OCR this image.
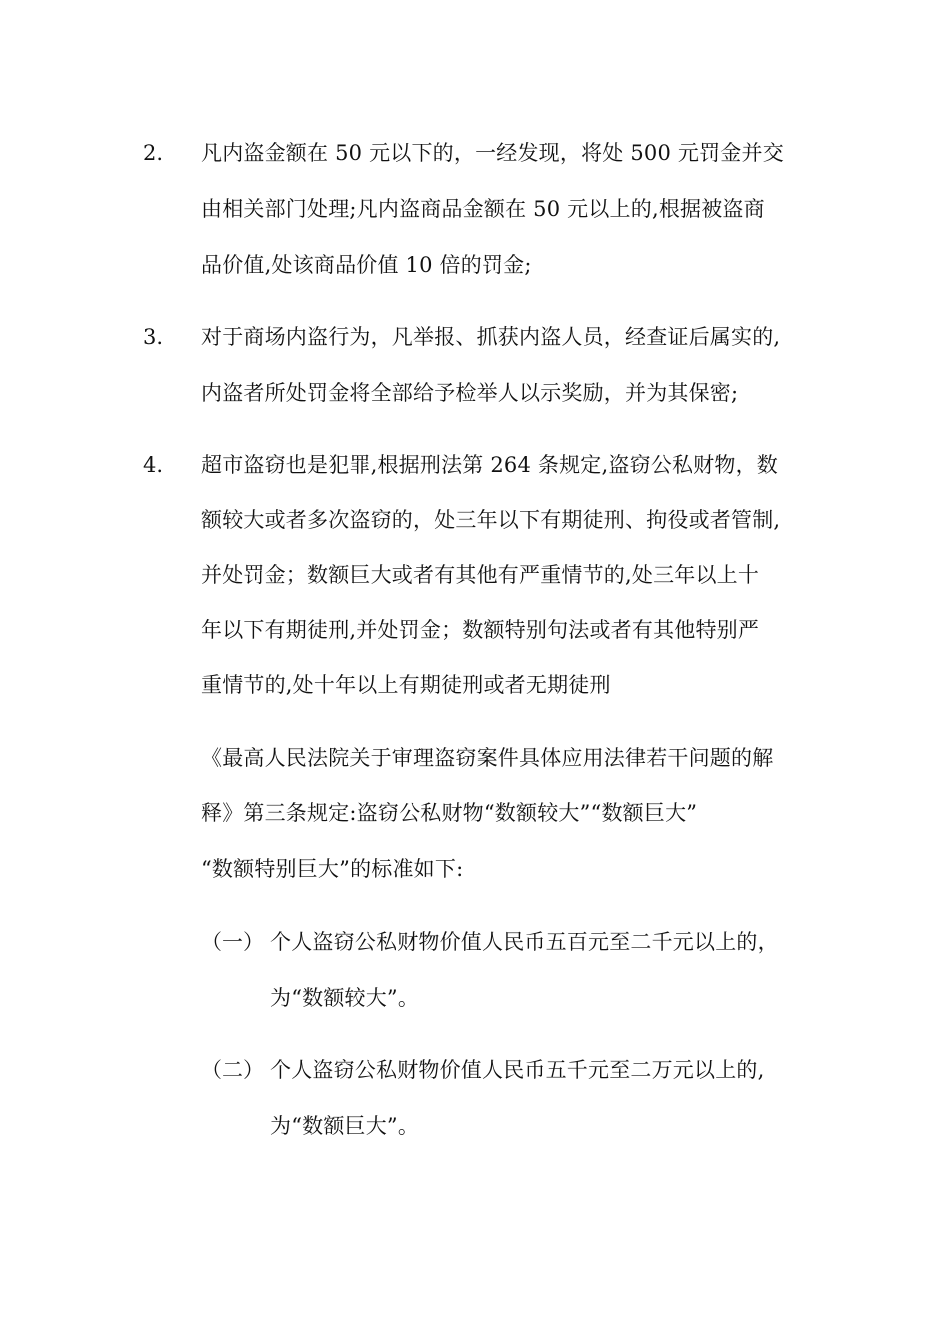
2. 凡内盗金额在 50 元以下的，一经发现，将处 500 元罚金并交
由相关部门处理;凡内盗商品金额在 50 元以上的,根据被盗商
品价值,处该商品价值 10 倍的罚金;
3. 对于商场内盗行为，凡举报、抓获内盗人员，经查证后属实的,
内盗者所处罚金将全部给予检举人以示奖励，并为其保密;
4. 超市盗窃也是犯罪,根据刑法第 264 条规定,盗窃公私财物，数
额较大或者多次盗窃的，处三年以下有期徒刑、拘役或者管制,
并处罚金；数额巨大或者有其他有严重情节的,处三年以上十
年以下有期徒刑,并处罚金；数额特别句法或者有其他特别严
重情节的,处十年以上有期徒刑或者无期徒刑
《最高人民法院关于审理盗窃案件具体应用法律若干问题的解
释》第三条规定:盗窃公私财物“数额较大”“数额巨大”
“数额特别巨大”的标准如下:
（一） 个人盗窃公私财物价值人民币五百元至二千元以上的，
为“数额较大”。
（二） 个人盗窃公私财物价值人民币五千元至二万元以上的,
为“数额巨大”。
